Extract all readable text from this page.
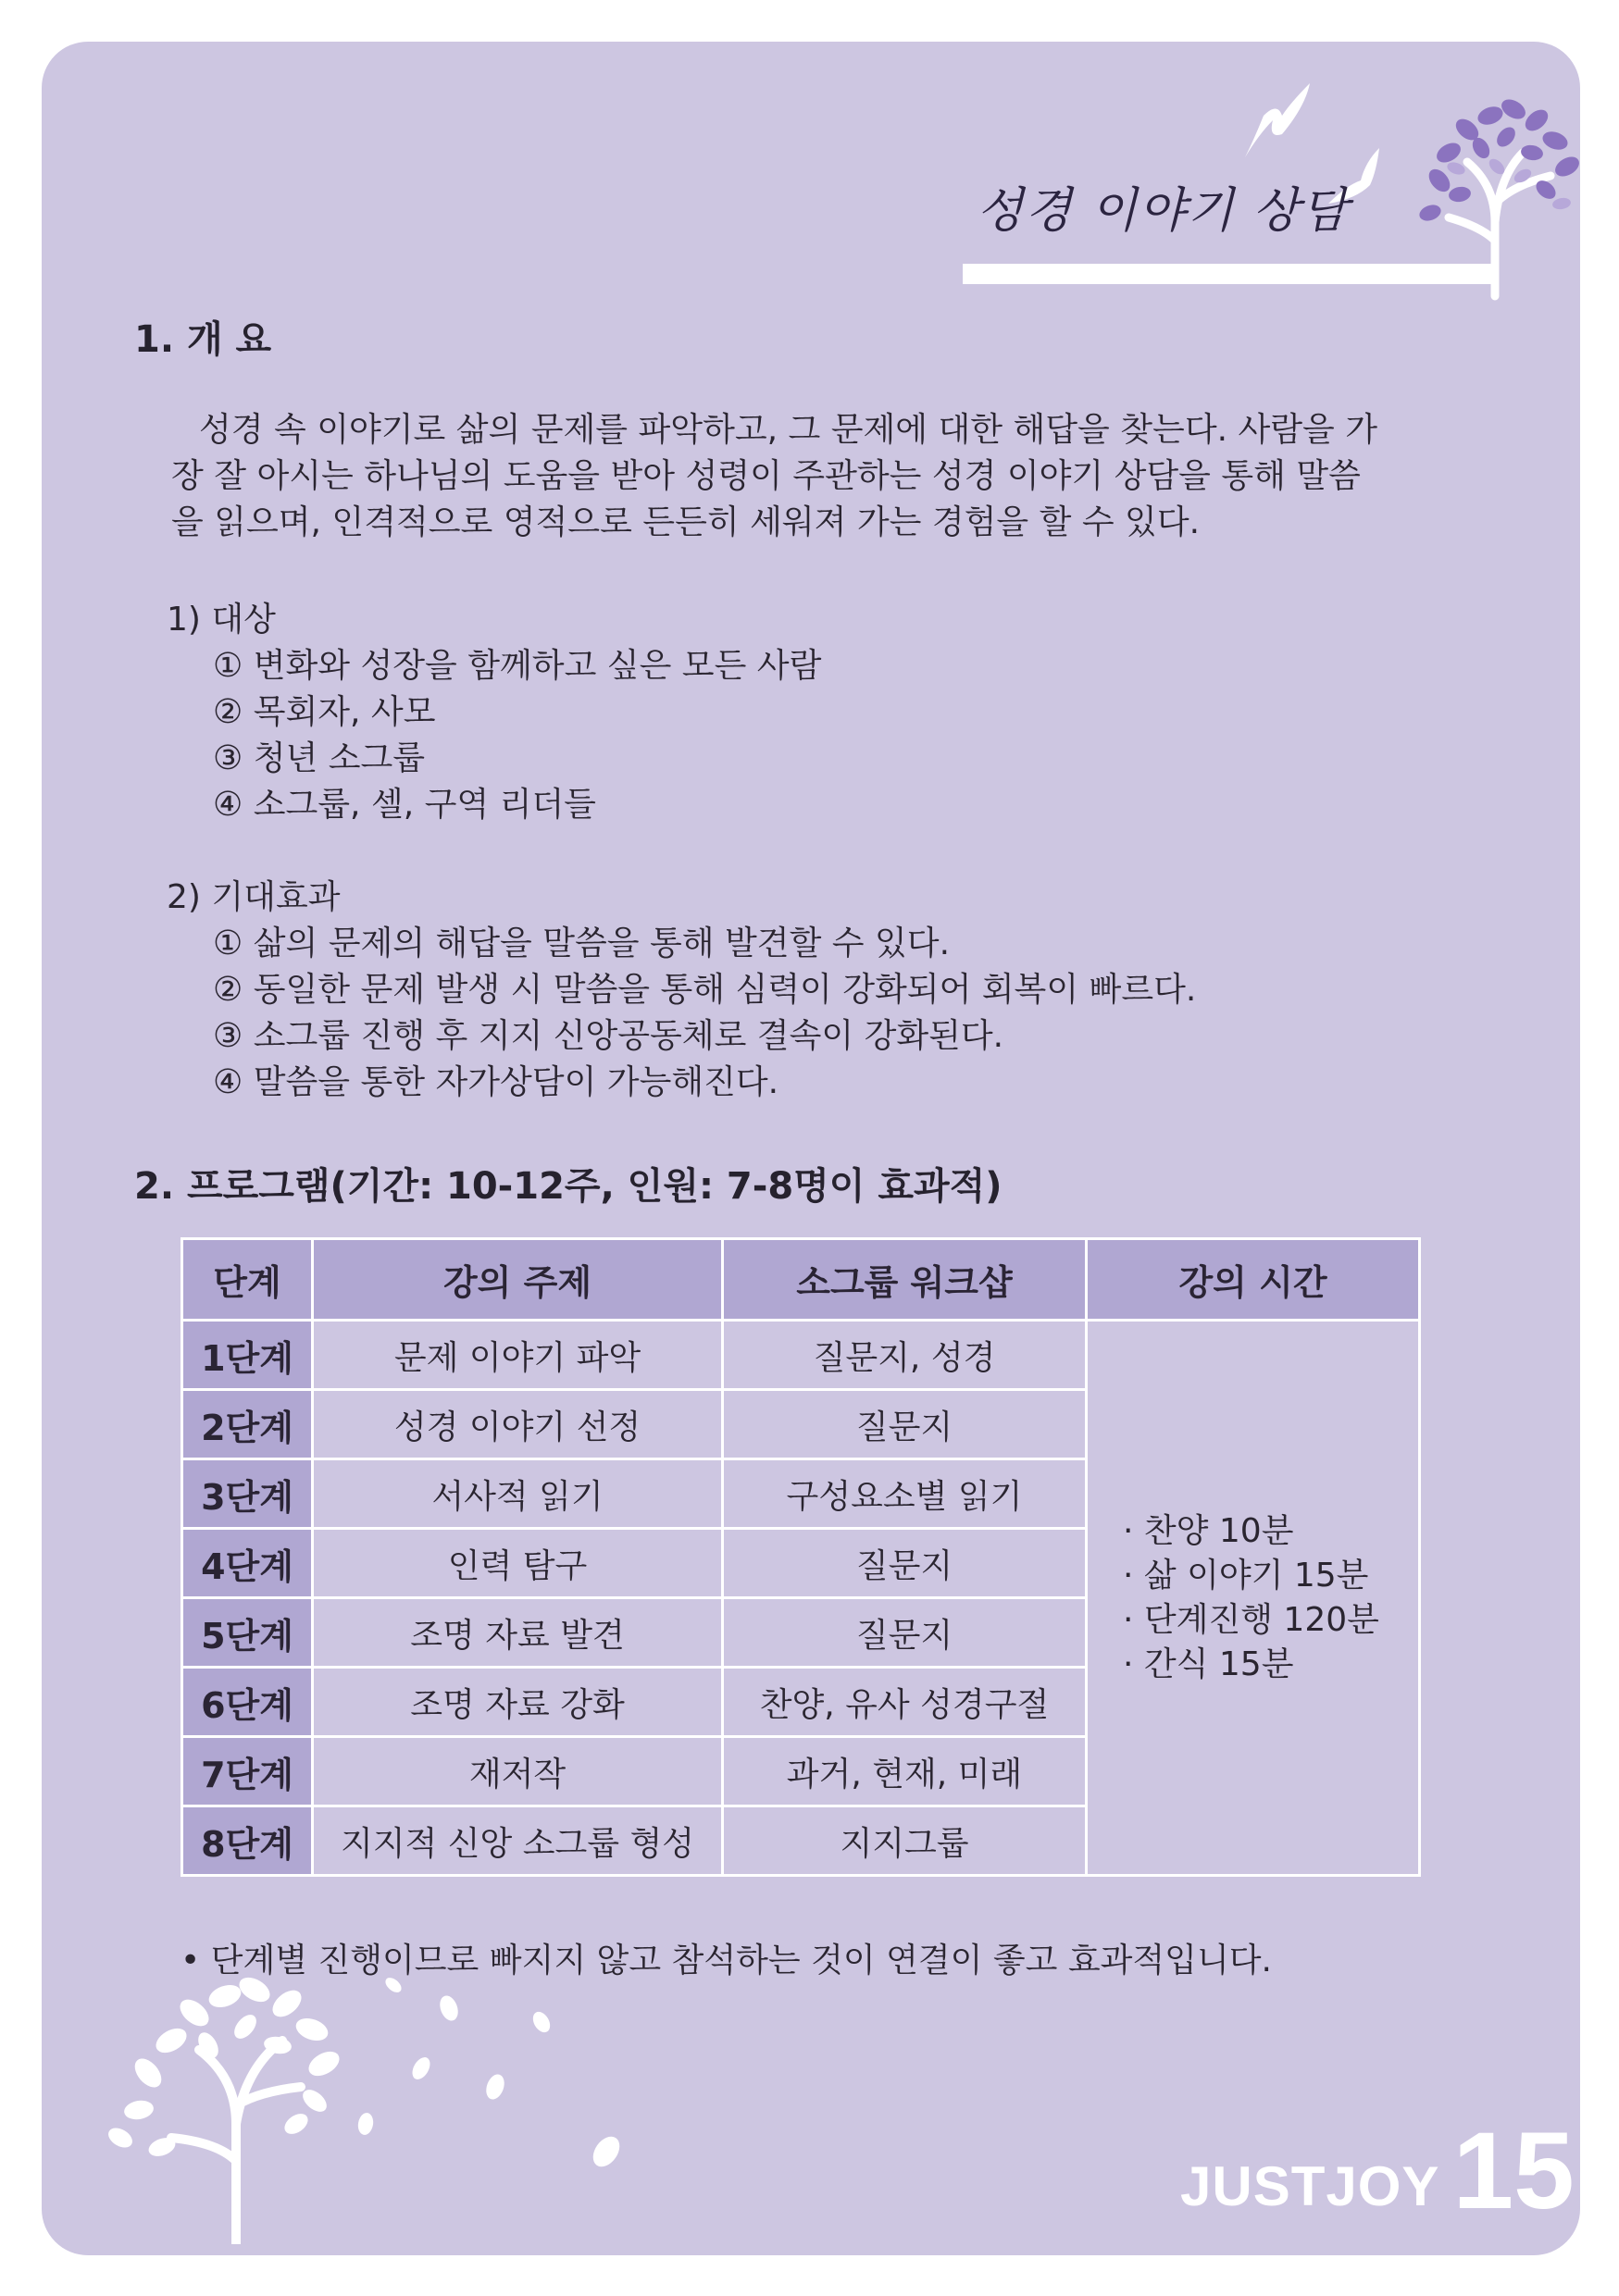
성경 이야기 상담
1. 개 요

성경 속 이야기로 삶의 문제를 파악하고, 그 문제에 대한 해답을 찾는다. 사람을 가
장 잘 아시는 하나님의 도움을 받아 성령이 주관하는 성경 이야기 상담을 통해 말씀
을 읽으며, 인격적으로 영적으로 든든히 세워져 가는 경험을 할 수 있다.

1) 대상
① 변화와 성장을 함께하고 싶은 모든 사람
② 목회자, 사모
③ 청년 소그룹
④ 소그룹, 셀, 구역 리더들
2) 기대효과
① 삶의 문제의 해답을 말씀을 통해 발견할 수 있다.
② 동일한 문제 발생 시 말씀을 통해 심력이 강화되어 회복이 빠르다.
③ 소그룹 진행 후 지지 신앙공동체로 결속이 강화된다.
④ 말씀을 통한 자가상담이 가능해진다.
2. 프로그램(기간: 10-12주, 인원: 7-8명이 효과적)
단계	강의 주제	소그룹 워크샵	강의 시간
1단계	문제 이야기 파악	질문지, 성경	· 찬양 10분
· 삶 이야기 15분
· 단계진행 120분
· 간식 15분

2단계	성경 이야기 선정	질문지	
3단계	서사적 읽기	구성요소별 읽기	
4단계	인력 탐구	질문지	
5단계	조명 자료 발견	질문지	
6단계	조명 자료 강화	찬양, 유사 성경구절	
7단계	재저작	과거, 현재, 미래	
8단계	지지적 신앙 소그룹 형성	지지그룹	
• 단계별 진행이므로 빠지지 않고 참석하는 것이 연결이 좋고 효과적입니다.
JUSTJOY 15
